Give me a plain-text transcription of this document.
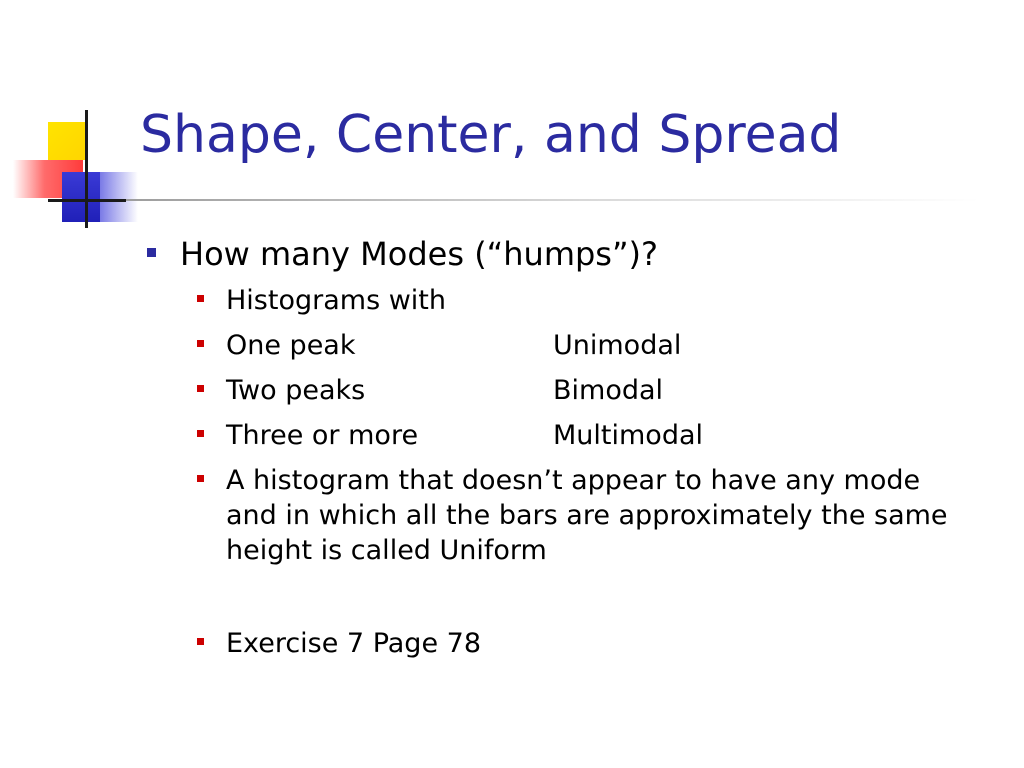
Shape, Center, and Spread
How many Modes (“humps”)?
Histograms with
One peak	Unimodal
Two peaks	Bimodal
Three or more	Multimodal
A histogram that doesn’t appear to have any mode and in which all the bars are approximately the same height is called Uniform
Exercise 7 Page 78
